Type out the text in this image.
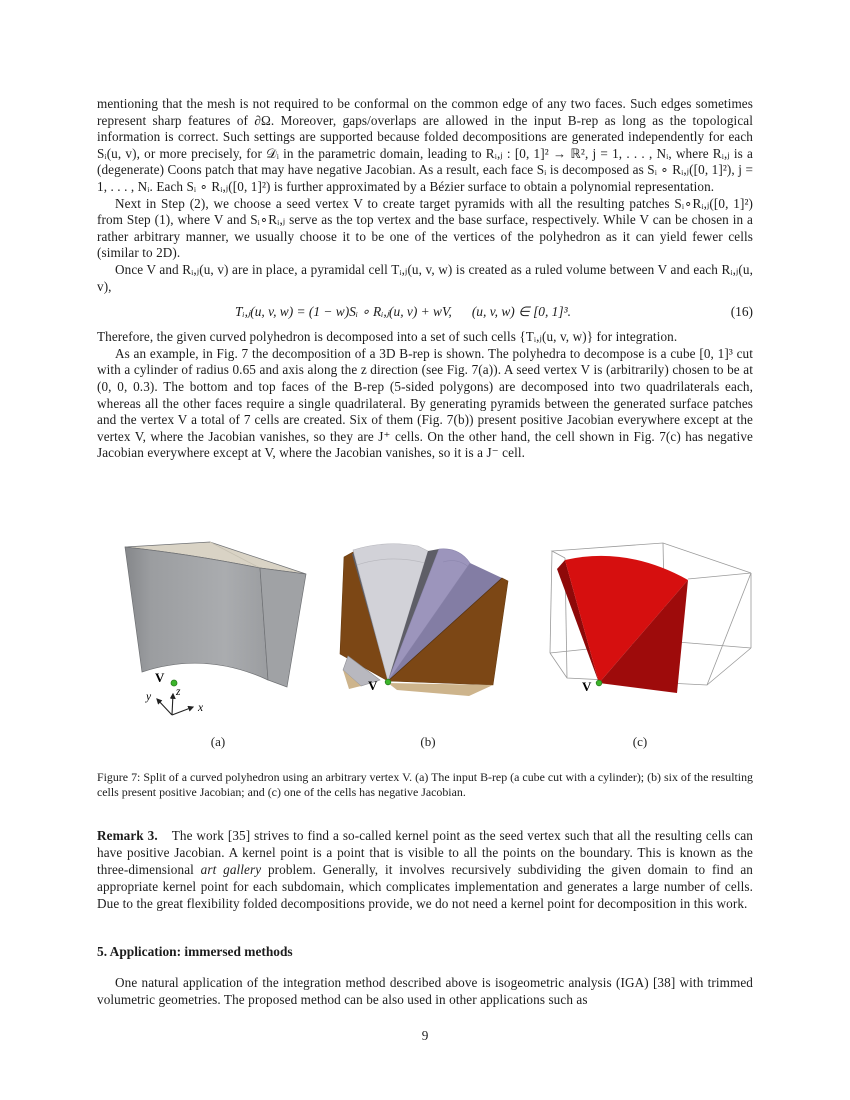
mentioning that the mesh is not required to be conformal on the common edge of any two faces. Such edges sometimes represent sharp features of ∂Ω. Moreover, gaps/overlaps are allowed in the input B-rep as long as the topological information is correct. Such settings are supported because folded decompositions are generated independently for each Sᵢ(u, v), or more precisely, for 𝒟ᵢ in the parametric domain, leading to Rᵢ,ⱼ : [0, 1]² → ℝ², j = 1, . . . , Nᵢ, where Rᵢ,ⱼ is a (degenerate) Coons patch that may have negative Jacobian. As a result, each face Sᵢ is decomposed as Sᵢ ∘ Rᵢ,ⱼ([0, 1]²), j = 1, . . . , Nᵢ. Each Sᵢ ∘ Rᵢ,ⱼ([0, 1]²) is further approximated by a Bézier surface to obtain a polynomial representation.

Next in Step (2), we choose a seed vertex V to create target pyramids with all the resulting patches Sᵢ∘Rᵢ,ⱼ([0, 1]²) from Step (1), where V and Sᵢ∘Rᵢ,ⱼ serve as the top vertex and the base surface, respectively. While V can be chosen in a rather arbitrary manner, we usually choose it to be one of the vertices of the polyhedron as it can yield fewer cells (similar to 2D).

Once V and Rᵢ,ⱼ(u, v) are in place, a pyramidal cell Tᵢ,ⱼ(u, v, w) is created as a ruled volume between V and each Rᵢ,ⱼ(u, v),

Tᵢ,ⱼ(u, v, w) = (1 − w)Sᵢ ∘ Rᵢ,ⱼ(u, v) + wV,  (u, v, w) ∈ [0, 1]³.	(16)

Therefore, the given curved polyhedron is decomposed into a set of such cells {Tᵢ,ⱼ(u, v, w)} for integration.

As an example, in Fig. 7 the decomposition of a 3D B-rep is shown. The polyhedra to decompose is a cube [0, 1]³ cut with a cylinder of radius 0.65 and axis along the z direction (see Fig. 7(a)). A seed vertex V is (arbitrarily) chosen to be at (0, 0, 0.3). The bottom and top faces of the B-rep (5-sided polygons) are decomposed into two quadrilaterals each, whereas all the other faces require a single quadrilateral. By generating pyramids between the generated surface patches and the vertex V a total of 7 cells are created. Six of them (Fig. 7(b)) present positive Jacobian everywhere except at the vertex V, where the Jacobian vanishes, so they are J⁺ cells. On the other hand, the cell shown in Fig. 7(c) has negative Jacobian everywhere except at V, where the Jacobian vanishes, so it is a J⁻ cell.

V
z
x
y
V	V
(a)	(b)	(c)

Figure 7: Split of a curved polyhedron using an arbitrary vertex V. (a) The input B-rep (a cube cut with a cylinder); (b) six of the resulting cells present positive Jacobian; and (c) one of the cells has negative Jacobian.

Remark 3. The work [35] strives to find a so-called kernel point as the seed vertex such that all the resulting cells can have positive Jacobian. A kernel point is a point that is visible to all the points on the boundary. This is known as the three-dimensional art gallery problem. Generally, it involves recursively subdividing the given domain to find an appropriate kernel point for each subdomain, which complicates implementation and generates a large number of cells. Due to the great flexibility folded decompositions provide, we do not need a kernel point for decomposition in this work.

5. Application: immersed methods

One natural application of the integration method described above is isogeometric analysis (IGA) [38] with trimmed volumetric geometries. The proposed method can be also used in other applications such as

9
